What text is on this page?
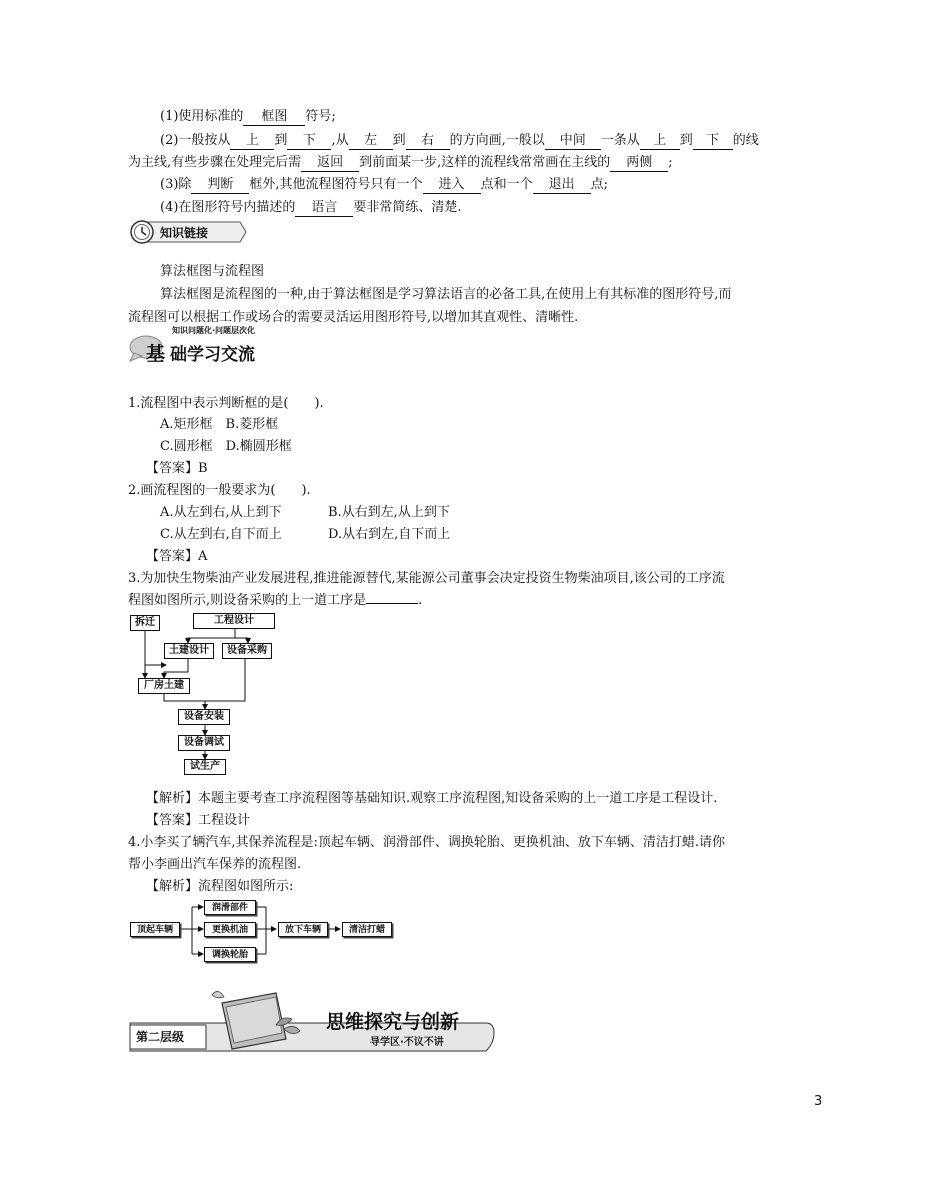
(1)使用标准的 框图 符号;
(2)一般按从 上 到 下 ,从 左 到 右 的方向画,一般以 中间 一条从 上 到 下 的线
为主线,有些步骤在处理完后需 返回 到前面某一步,这样的流程线常常画在主线的 两侧 ;
(3)除 判断 框外,其他流程图符号只有一个 进入 点和一个 退出 点;
(4)在图形符号内描述的 语言 要非常简练、清楚.
知识链接
算法框图与流程图
算法框图是流程图的一种,由于算法框图是学习算法语言的必备工具,在使用上有其标准的图形符号,而
流程图可以根据工作或场合的需要灵活运用图形符号,以增加其直观性、清晰性.
知识问题化·问题层次化
基 础学习交流
1.流程图中表示判断框的是(　　).
A.矩形框　B.菱形框
C.圆形框　D.椭圆形框
【答案】B
2.画流程图的一般要求为(　　).
A.从左到右,从上到下	B.从右到左,从上到下
C.从左到右,自下而上	D.从右到左,自下而上
【答案】A
3.为加快生物柴油产业发展进程,推进能源替代,某能源公司董事会决定投资生物柴油项目,该公司的工序流
程图如图所示,则设备采购的上一道工序是	.
拆迁	工程设计
土建设计	设备采购
厂房土建
设备安装
设备调试
试生产
【解析】本题主要考查工序流程图等基础知识.观察工序流程图,知设备采购的上一道工序是工程设计.
【答案】工程设计
4.小李买了辆汽车,其保养流程是:顶起车辆、润滑部件、调换轮胎、更换机油、放下车辆、清洁打蜡.请你
帮小李画出汽车保养的流程图.
【解析】流程图如图所示:
顶起车辆
润滑部件
更换机油
调换轮胎
放下车辆	清洁打蜡
第二层级
思维探究与创新
导学区·不议不讲
3
